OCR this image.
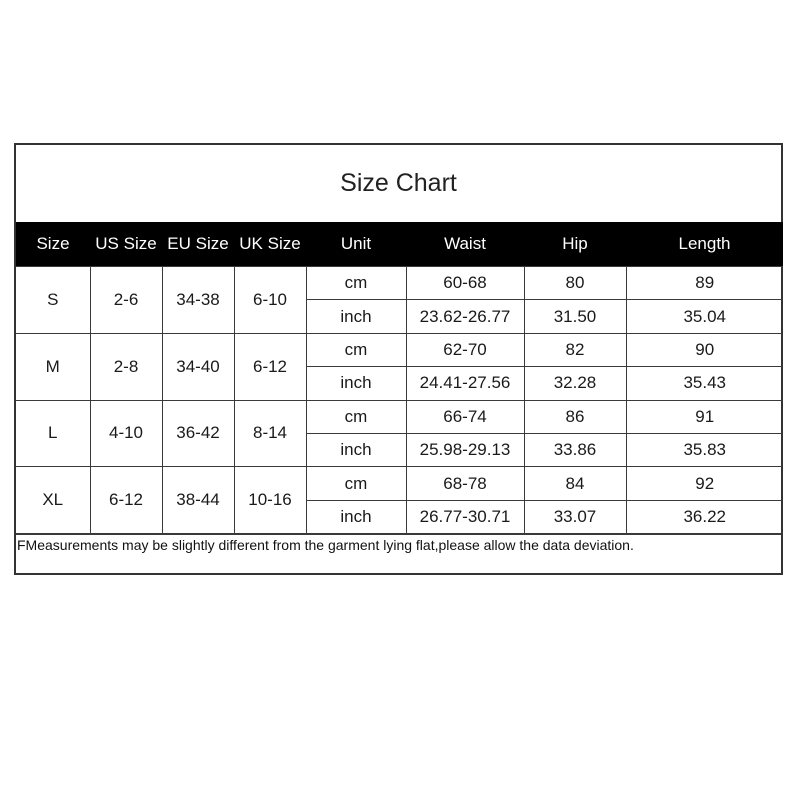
Size Chart
Size	US Size	EU Size	UK Size	Unit	Waist	Hip	Length
S	2-6	34-38	6-10	cm	60-68	80	89
				inch	23.62-26.77	31.50	35.04
M	2-8	34-40	6-12	cm	62-70	82	90
				inch	24.41-27.56	32.28	35.43
L	4-10	36-42	8-14	cm	66-74	86	91
				inch	25.98-29.13	33.86	35.83
XL	6-12	38-44	10-16	cm	68-78	84	92
				inch	26.77-30.71	33.07	36.22
FMeasurements may be slightly different from the garment lying flat,please allow the data deviation.
